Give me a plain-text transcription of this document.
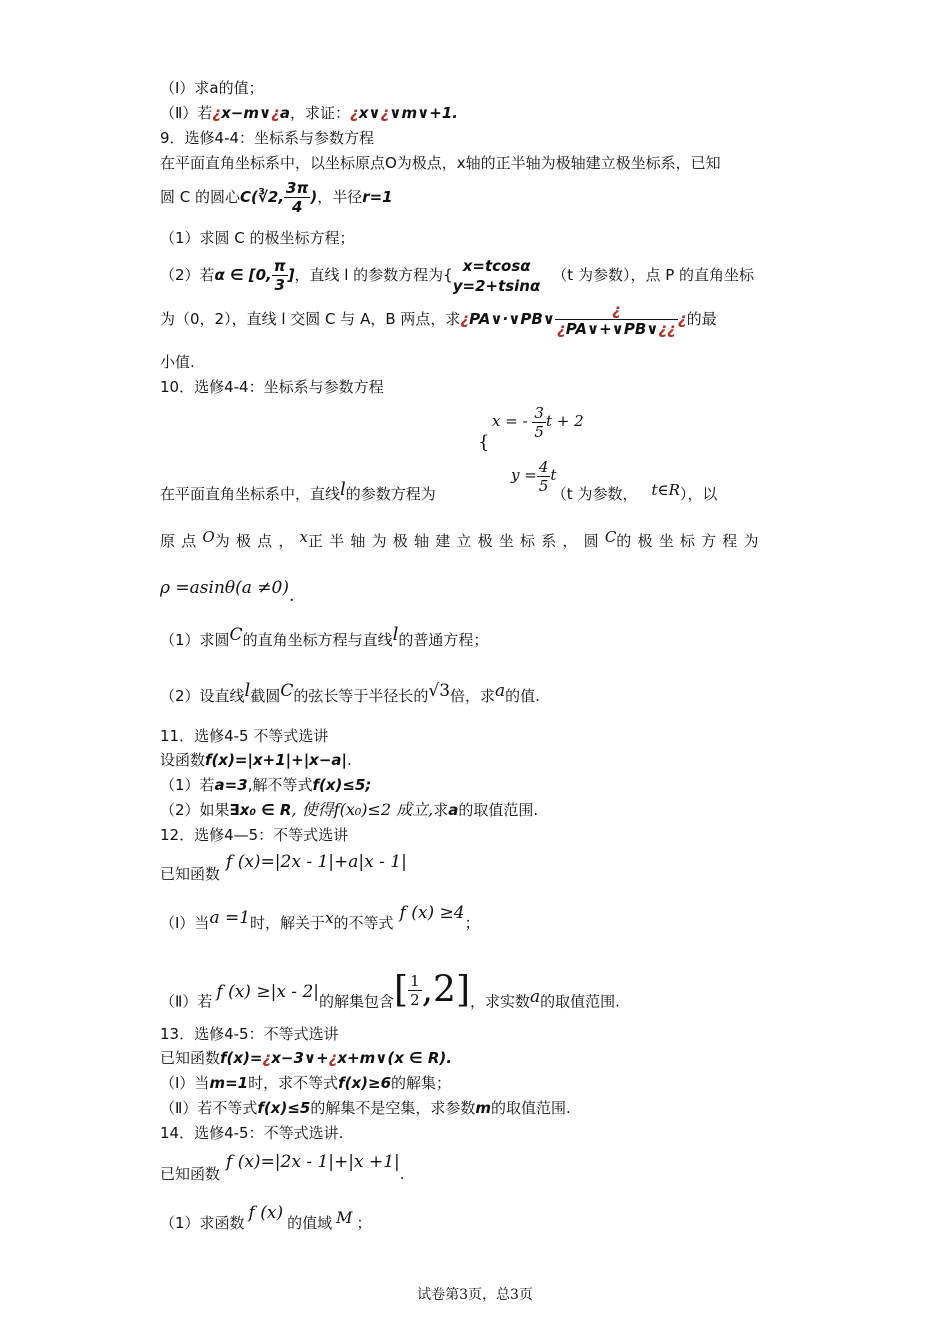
（Ⅰ）求a的值；
（Ⅱ）若¿x−m∨¿a，求证：¿x∨¿∨m∨+1.
9．选修4-4：坐标系与参数方程
在平面直角坐标系中，以坐标原点O为极点，x轴的正半轴为极轴建立极坐标系，已知
圆 C 的圆心C(∛2, $\frac{3\pi}{4}$ )，半径r=1
（1）求圆 C 的极坐标方程；
（2）若α ∈ [0, $\frac{\pi}{3}$ ]，直线 l 的参数方程为{
x=tcosα
y=2+tsinα
（t 为参数），点 P 的直角坐标
为（0，2），直线 l 交圆 C 与 A，B 两点，求¿PA∨·∨PB∨ $\frac{¿}{¿PA\vee+\vee PB\vee¿¿}$ ¿的最
小值.
10．选修4-4：坐标系与参数方程
{
x = - $\frac{3}{5}$ t + 2
$y = \frac{4}{5}$ t
在平面直角坐标系中，直线l的参数方程为	（t 为参数， t∈R），以
原点O为极点，x正半轴为极轴建立极坐标系，圆C的极坐标方程为
ρ =asinθ(a ≠0).
（1）求圆C的直角坐标方程与直线l的普通方程；
（2）设直线l截圆C的弦长等于半径长的√3倍，求a的值.
11．选修4-5 不等式选讲
设函数f(x)=|x+1|+|x−a|.
（1）若a=3,解不等式f(x)≤5;
（2）如果∃x₀ ∈ R, 使得f(x₀)≤2 成立,求a的取值范围.
12．选修4—5：不等式选讲
已知函数f (x)=|2x - 1|+a|x - 1|
（Ⅰ）当a =1时，解关于x的不等式 f (x) ≥4；
（Ⅱ）若 f (x) ≥|x - 2|的解集包含[ $\frac{1}{2} ,2$]，求实数a的取值范围.
13．选修4-5：不等式选讲
已知函数f(x)=¿x−3∨+¿x+m∨(x ∈ R).
（Ⅰ）当m=1时，求不等式f(x)≥6的解集；
（Ⅱ）若不等式f(x)≤5的解集不是空集，求参数m的取值范围.
14．选修4-5：不等式选讲.
已知函数f (x)=|2x - 1|+|x +1|.
（1）求函数 f (x) 的值域 M ；
试卷第3页，总3页
